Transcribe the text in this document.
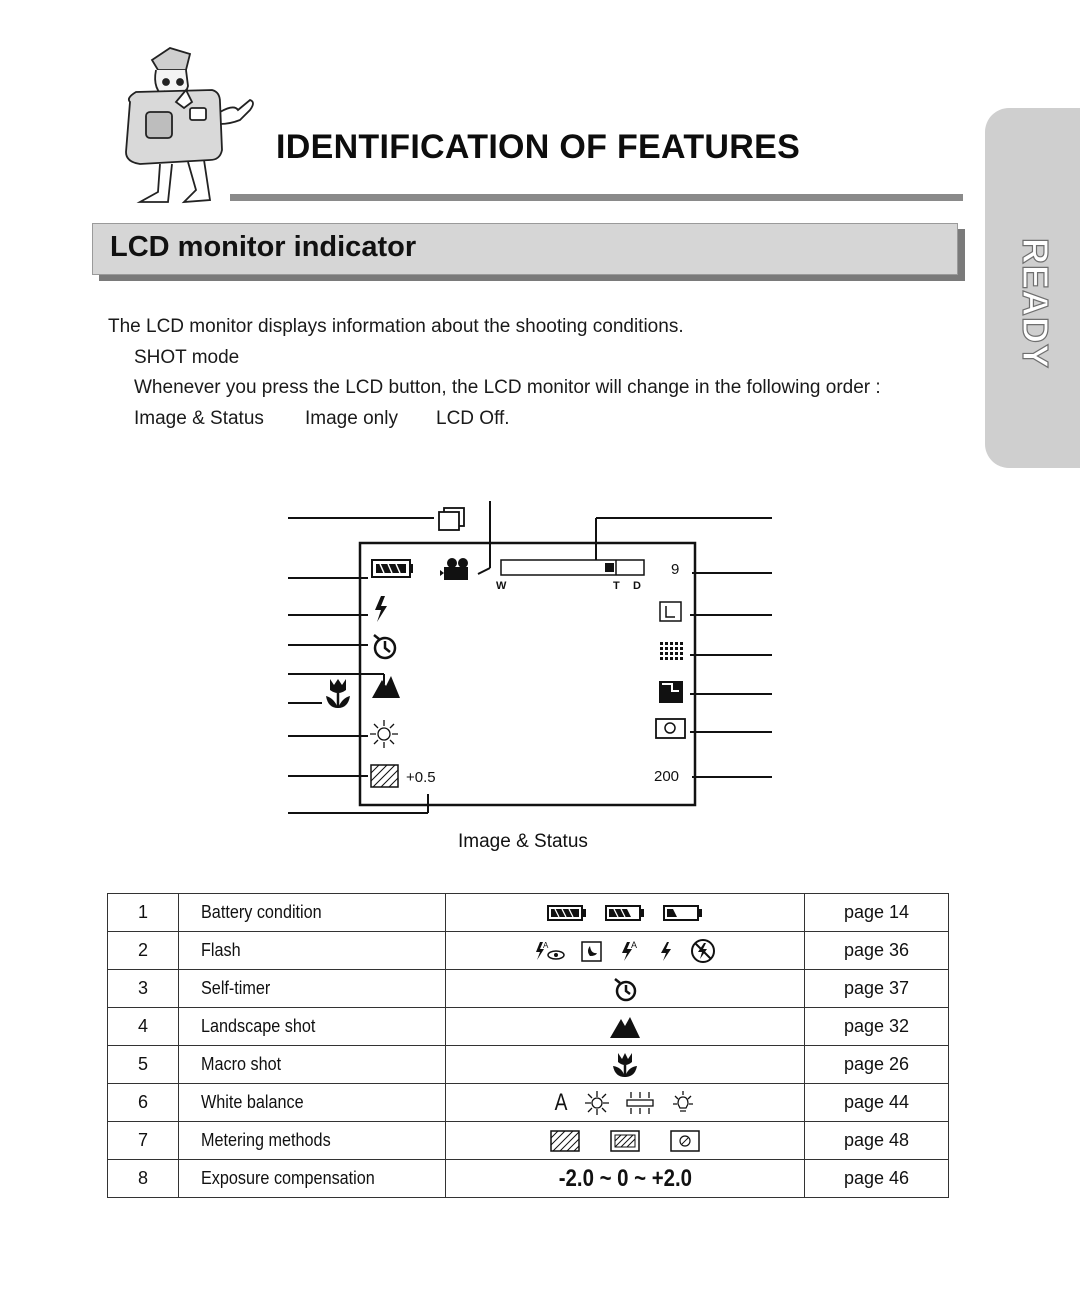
IDENTIFICATION OF FEATURES
READY
LCD monitor indicator
The LCD monitor displays information about the shooting conditions.
SHOT mode
Whenever you press the LCD button, the LCD monitor will change in the following order :
Image & Status Image only LCD Off.
W	T D
9
+0.5	200
Image & Status
1	Battery condition		page 14
2	Flash	A A	page 36
3	Self-timer		page 37
4	Landscape shot		page 32
5	Macro shot		page 26
6	White balance	A	page 44
7	Metering methods		page 48
8	Exposure compensation	-2.0 ~ 0 ~ +2.0	page 46
